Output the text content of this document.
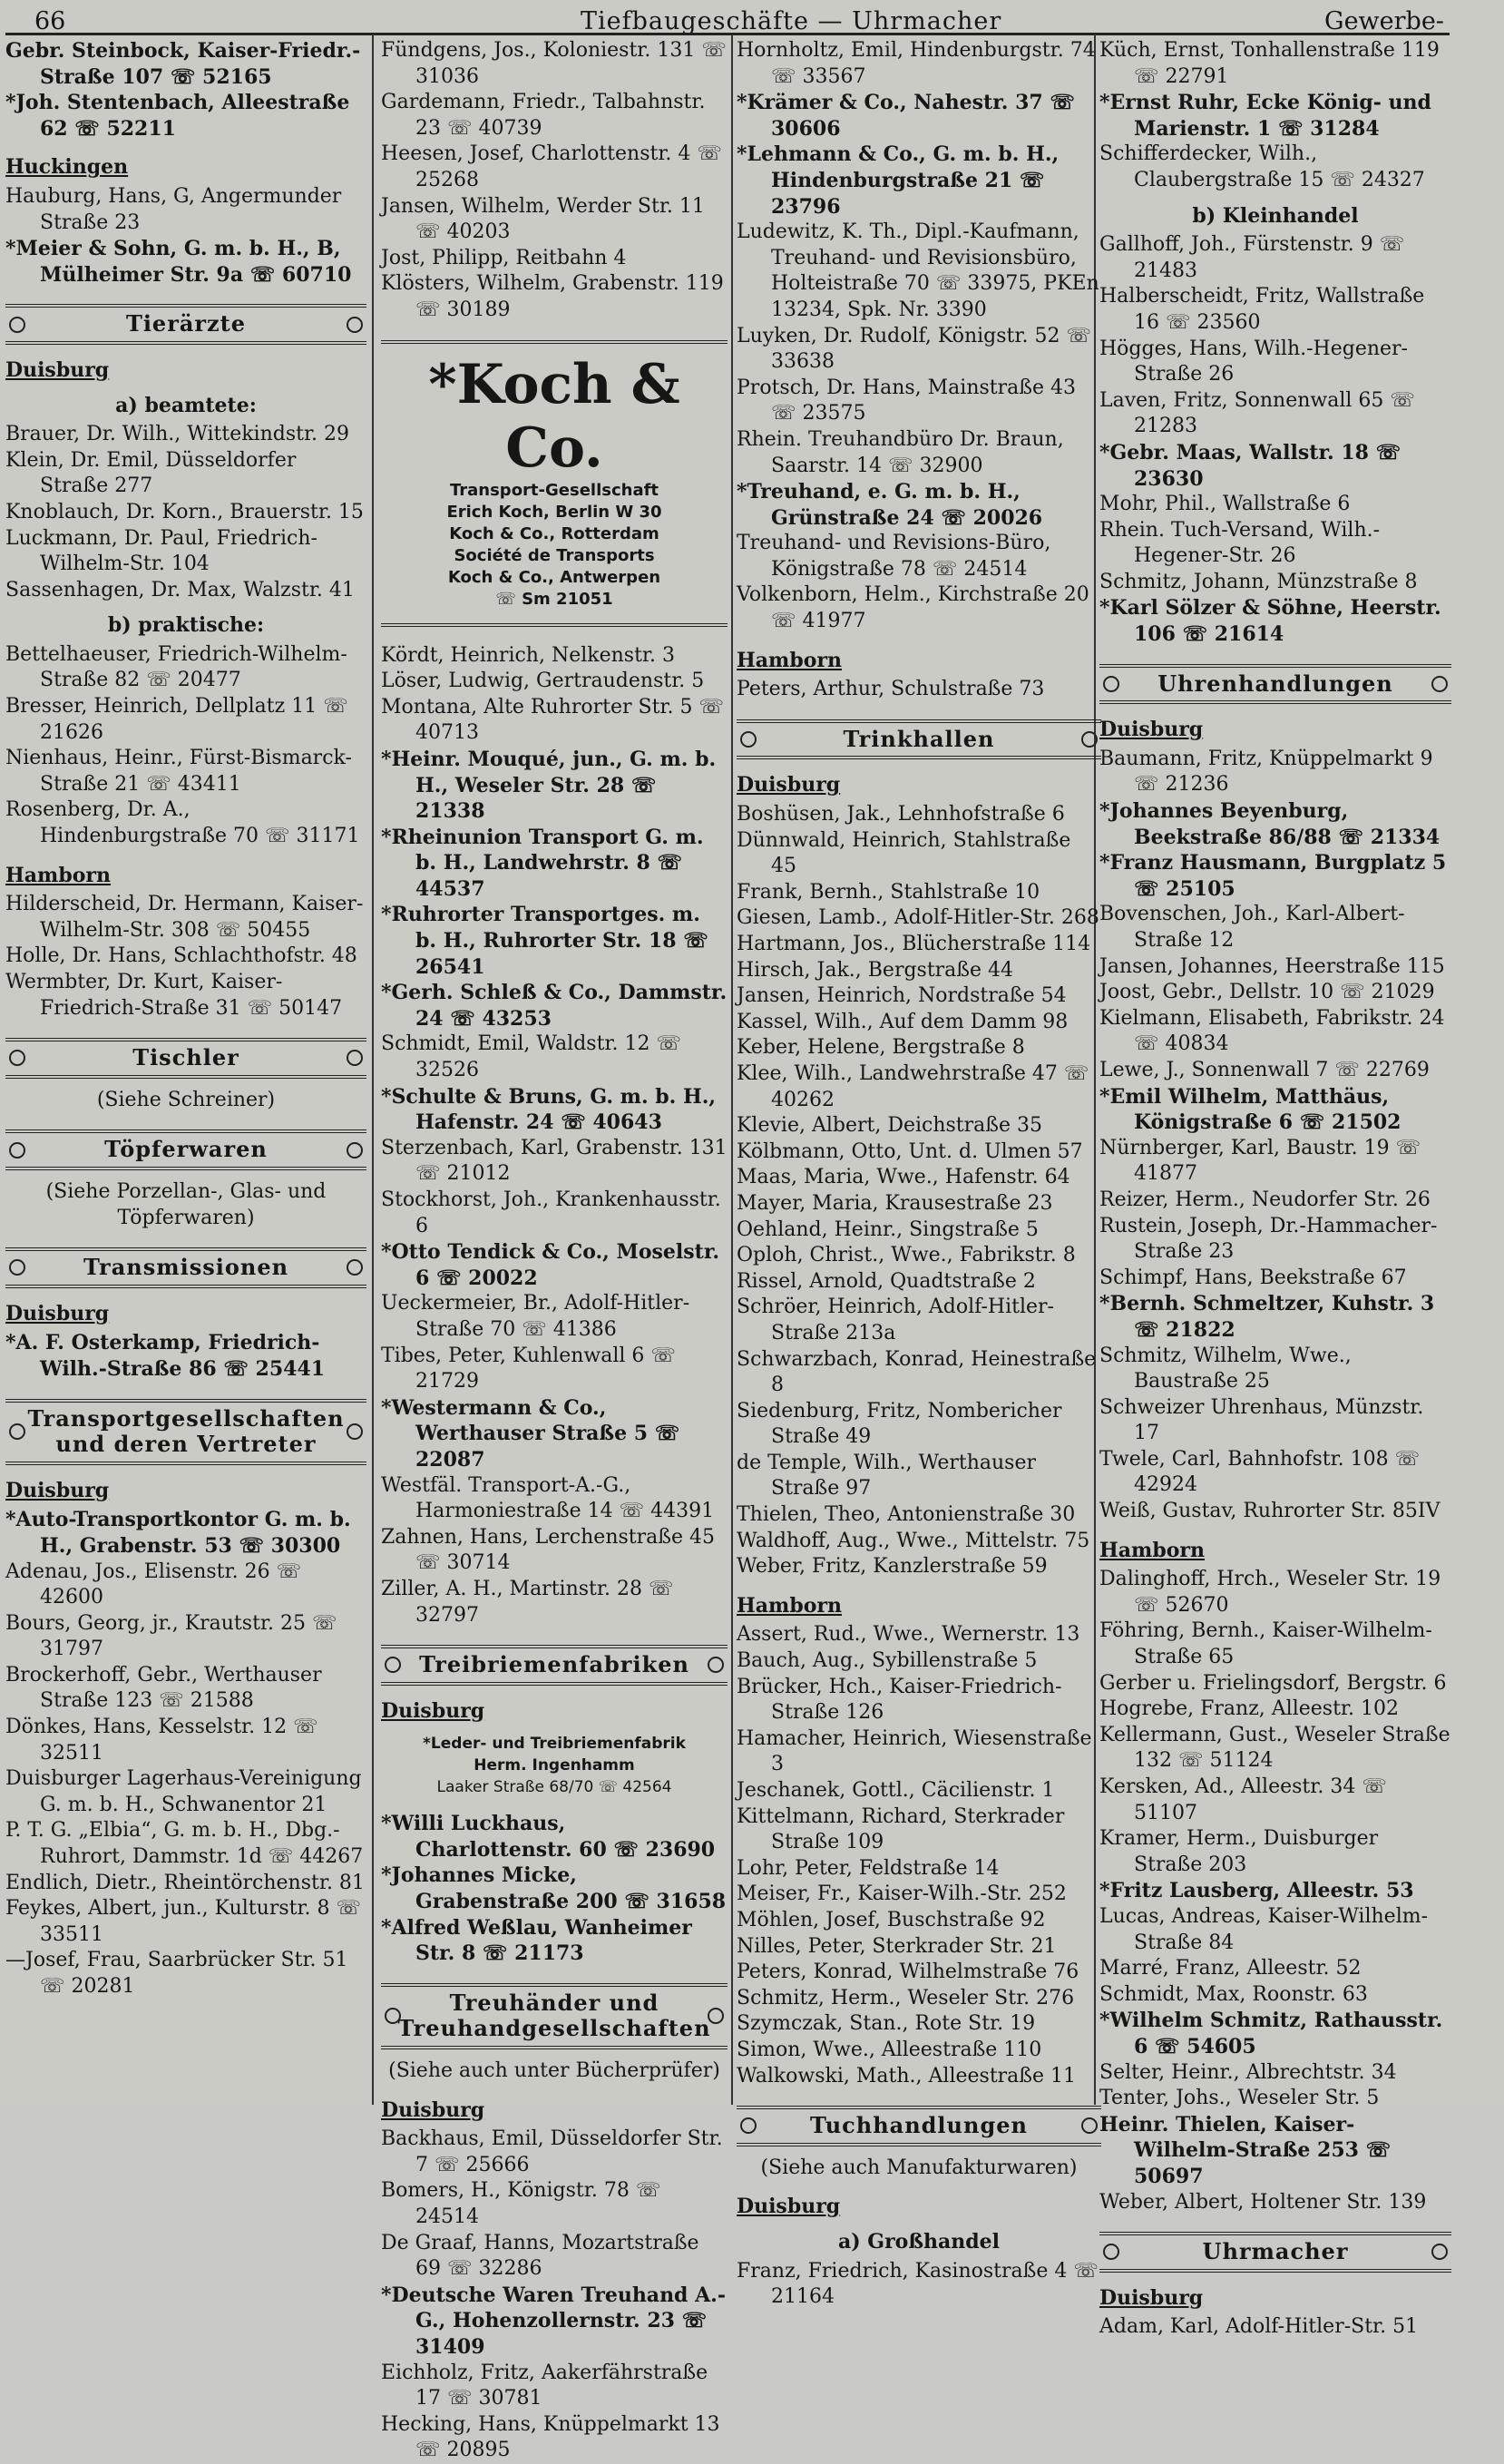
66	Tiefbaugeschäfte — Uhrmacher	Gewerbe-
Gebr. Steinbock, Kaiser-Friedr.-Straße 107 ☏ 52165
*Joh. Stentenbach, Alleestraße 62 ☏ 52211
Huckingen
Hauburg, Hans, G, Angermunder Straße 23
*Meier & Sohn, G. m. b. H., B, Mülheimer Str. 9a ☏ 60710
Tierärzte
Duisburg
a) beamtete:
Brauer, Dr. Wilh., Wittekindstr. 29
Klein, Dr. Emil, Düsseldorfer Straße 277
Knoblauch, Dr. Korn., Brauerstr. 15
Luckmann, Dr. Paul, Friedrich-Wilhelm-Str. 104
Sassenhagen, Dr. Max, Walzstr. 41
b) praktische:
Bettelhaeuser, Friedrich-Wilhelm-Straße 82 ☏ 20477
Bresser, Heinrich, Dellplatz 11 ☏ 21626
Nienhaus, Heinr., Fürst-Bismarck-Straße 21 ☏ 43411
Rosenberg, Dr. A., Hindenburgstraße 70 ☏ 31171
Hamborn
Hilderscheid, Dr. Hermann, Kaiser-Wilhelm-Str. 308 ☏ 50455
Holle, Dr. Hans, Schlachthofstr. 48
Wermbter, Dr. Kurt, Kaiser-Friedrich-Straße 31 ☏ 50147
Tischler
(Siehe Schreiner)
Töpferwaren
(Siehe Porzellan-, Glas- und Töpferwaren)
Transmissionen
Duisburg
*A. F. Osterkamp, Friedrich-Wilh.-Straße 86 ☏ 25441
Transportgesellschaften und deren Vertreter
Duisburg
*Auto-Transportkontor G. m. b. H., Grabenstr. 53 ☏ 30300
Adenau, Jos., Elisenstr. 26 ☏ 42600
Bours, Georg, jr., Krautstr. 25 ☏ 31797
Brockerhoff, Gebr., Werthauser Straße 123 ☏ 21588
Dönkes, Hans, Kesselstr. 12 ☏ 32511
Duisburger Lagerhaus-Vereinigung G. m. b. H., Schwanentor 21
P. T. G. „Elbia“, G. m. b. H., Dbg.-Ruhrort, Dammstr. 1d ☏ 44267
Endlich, Dietr., Rheintörchenstr. 81
Feykes, Albert, jun., Kulturstr. 8 ☏ 33511
—Josef, Frau, Saarbrücker Str. 51 ☏ 20281
Fündgens, Jos., Koloniestr. 131 ☏ 31036
Gardemann, Friedr., Talbahnstr. 23 ☏ 40739
Heesen, Josef, Charlottenstr. 4 ☏ 25268
Jansen, Wilhelm, Werder Str. 11 ☏ 40203
Jost, Philipp, Reitbahn 4
Klösters, Wilhelm, Grabenstr. 119 ☏ 30189
*Koch & Co.
Transport-Gesellschaft
Erich Koch, Berlin W 30
Koch & Co., Rotterdam
Société de Transports
Koch & Co., Antwerpen
☏ Sm 21051
Kördt, Heinrich, Nelkenstr. 3
Löser, Ludwig, Gertraudenstr. 5
Montana, Alte Ruhrorter Str. 5 ☏ 40713
*Heinr. Mouqué, jun., G. m. b. H., Weseler Str. 28 ☏ 21338
*Rheinunion Transport G. m. b. H., Landwehrstr. 8 ☏ 44537
*Ruhrorter Transportges. m. b. H., Ruhrorter Str. 18 ☏ 26541
*Gerh. Schleß & Co., Dammstr. 24 ☏ 43253
Schmidt, Emil, Waldstr. 12 ☏ 32526
*Schulte & Bruns, G. m. b. H., Hafenstr. 24 ☏ 40643
Sterzenbach, Karl, Grabenstr. 131 ☏ 21012
Stockhorst, Joh., Krankenhausstr. 6
*Otto Tendick & Co., Moselstr. 6 ☏ 20022
Ueckermeier, Br., Adolf-Hitler-Straße 70 ☏ 41386
Tibes, Peter, Kuhlenwall 6 ☏ 21729
*Westermann & Co., Werthauser Straße 5 ☏ 22087
Westfäl. Transport-A.-G., Harmoniestraße 14 ☏ 44391
Zahnen, Hans, Lerchenstraße 45 ☏ 30714
Ziller, A. H., Martinstr. 28 ☏ 32797
Treibriemenfabriken
Duisburg
*Leder- und Treibriemenfabrik
Herm. Ingenhamm
Laaker Straße 68/70 ☏ 42564
*Willi Luckhaus, Charlottenstr. 60 ☏ 23690
*Johannes Micke, Grabenstraße 200 ☏ 31658
*Alfred Weßlau, Wanheimer Str. 8 ☏ 21173
Treuhänder und Treuhandgesellschaften
(Siehe auch unter Bücherprüfer)
Duisburg
Backhaus, Emil, Düsseldorfer Str. 7 ☏ 25666
Bomers, H., Königstr. 78 ☏ 24514
De Graaf, Hanns, Mozartstraße 69 ☏ 32286
*Deutsche Waren Treuhand A.-G., Hohenzollernstr. 23 ☏ 31409
Eichholz, Fritz, Aakerfährstraße 17 ☏ 30781
Hecking, Hans, Knüppelmarkt 13 ☏ 20895
Hornholtz, Emil, Hindenburgstr. 74 ☏ 33567
*Krämer & Co., Nahestr. 37 ☏ 30606
*Lehmann & Co., G. m. b. H., Hindenburgstraße 21 ☏ 23796
Ludewitz, K. Th., Dipl.-Kaufmann, Treuhand- und Revisionsbüro, Holteistraße 70 ☏ 33975, PKEn 13234, Spk. Nr. 3390
Luyken, Dr. Rudolf, Königstr. 52 ☏ 33638
Protsch, Dr. Hans, Mainstraße 43 ☏ 23575
Rhein. Treuhandbüro Dr. Braun, Saarstr. 14 ☏ 32900
*Treuhand, e. G. m. b. H., Grünstraße 24 ☏ 20026
Treuhand- und Revisions-Büro, Königstraße 78 ☏ 24514
Volkenborn, Helm., Kirchstraße 20 ☏ 41977
Hamborn
Peters, Arthur, Schulstraße 73
Trinkhallen
Duisburg
Boshüsen, Jak., Lehnhofstraße 6
Dünnwald, Heinrich, Stahlstraße 45
Frank, Bernh., Stahlstraße 10
Giesen, Lamb., Adolf-Hitler-Str. 268
Hartmann, Jos., Blücherstraße 114
Hirsch, Jak., Bergstraße 44
Jansen, Heinrich, Nordstraße 54
Kassel, Wilh., Auf dem Damm 98
Keber, Helene, Bergstraße 8
Klee, Wilh., Landwehrstraße 47 ☏ 40262
Klevie, Albert, Deichstraße 35
Kölbmann, Otto, Unt. d. Ulmen 57
Maas, Maria, Wwe., Hafenstr. 64
Mayer, Maria, Krausestraße 23
Oehland, Heinr., Singstraße 5
Oploh, Christ., Wwe., Fabrikstr. 8
Rissel, Arnold, Quadtstraße 2
Schröer, Heinrich, Adolf-Hitler-Straße 213a
Schwarzbach, Konrad, Heinestraße 8
Siedenburg, Fritz, Nombericher Straße 49
de Temple, Wilh., Werthauser Straße 97
Thielen, Theo, Antonienstraße 30
Waldhoff, Aug., Wwe., Mittelstr. 75
Weber, Fritz, Kanzlerstraße 59
Hamborn
Assert, Rud., Wwe., Wernerstr. 13
Bauch, Aug., Sybillenstraße 5
Brücker, Hch., Kaiser-Friedrich-Straße 126
Hamacher, Heinrich, Wiesenstraße 3
Jeschanek, Gottl., Cäcilienstr. 1
Kittelmann, Richard, Sterkrader Straße 109
Lohr, Peter, Feldstraße 14
Meiser, Fr., Kaiser-Wilh.-Str. 252
Möhlen, Josef, Buschstraße 92
Nilles, Peter, Sterkrader Str. 21
Peters, Konrad, Wilhelmstraße 76
Schmitz, Herm., Weseler Str. 276
Szymczak, Stan., Rote Str. 19
Simon, Wwe., Alleestraße 110
Walkowski, Math., Alleestraße 11
Tuchhandlungen
(Siehe auch Manufakturwaren)
Duisburg
a) Großhandel
Franz, Friedrich, Kasinostraße 4 ☏ 21164
Küch, Ernst, Tonhallenstraße 119 ☏ 22791
*Ernst Ruhr, Ecke König- und Marienstr. 1 ☏ 31284
Schifferdecker, Wilh., Claubergstraße 15 ☏ 24327
b) Kleinhandel
Gallhoff, Joh., Fürstenstr. 9 ☏ 21483
Halberscheidt, Fritz, Wallstraße 16 ☏ 23560
Högges, Hans, Wilh.-Hegener-Straße 26
Laven, Fritz, Sonnenwall 65 ☏ 21283
*Gebr. Maas, Wallstr. 18 ☏ 23630
Mohr, Phil., Wallstraße 6
Rhein. Tuch-Versand, Wilh.-Hegener-Str. 26
Schmitz, Johann, Münzstraße 8
*Karl Sölzer & Söhne, Heerstr. 106 ☏ 21614
Uhrenhandlungen
Duisburg
Baumann, Fritz, Knüppelmarkt 9 ☏ 21236
*Johannes Beyenburg, Beekstraße 86/88 ☏ 21334
*Franz Hausmann, Burgplatz 5 ☏ 25105
Bovenschen, Joh., Karl-Albert-Straße 12
Jansen, Johannes, Heerstraße 115
Joost, Gebr., Dellstr. 10 ☏ 21029
Kielmann, Elisabeth, Fabrikstr. 24 ☏ 40834
Lewe, J., Sonnenwall 7 ☏ 22769
*Emil Wilhelm, Matthäus, Königstraße 6 ☏ 21502
Nürnberger, Karl, Baustr. 19 ☏ 41877
Reizer, Herm., Neudorfer Str. 26
Rustein, Joseph, Dr.-Hammacher-Straße 23
Schimpf, Hans, Beekstraße 67
*Bernh. Schmeltzer, Kuhstr. 3 ☏ 21822
Schmitz, Wilhelm, Wwe., Baustraße 25
Schweizer Uhrenhaus, Münzstr. 17
Twele, Carl, Bahnhofstr. 108 ☏ 42924
Weiß, Gustav, Ruhrorter Str. 85IV
Hamborn
Dalinghoff, Hrch., Weseler Str. 19 ☏ 52670
Föhring, Bernh., Kaiser-Wilhelm-Straße 65
Gerber u. Frielingsdorf, Bergstr. 6
Hogrebe, Franz, Alleestr. 102
Kellermann, Gust., Weseler Straße 132 ☏ 51124
Kersken, Ad., Alleestr. 34 ☏ 51107
Kramer, Herm., Duisburger Straße 203
*Fritz Lausberg, Alleestr. 53
Lucas, Andreas, Kaiser-Wilhelm-Straße 84
Marré, Franz, Alleestr. 52
Schmidt, Max, Roonstr. 63
*Wilhelm Schmitz, Rathausstr. 6 ☏ 54605
Selter, Heinr., Albrechtstr. 34
Tenter, Johs., Weseler Str. 5
Heinr. Thielen, Kaiser-Wilhelm-Straße 253 ☏ 50697
Weber, Albert, Holtener Str. 139
Uhrmacher
Duisburg
Adam, Karl, Adolf-Hitler-Str. 51
